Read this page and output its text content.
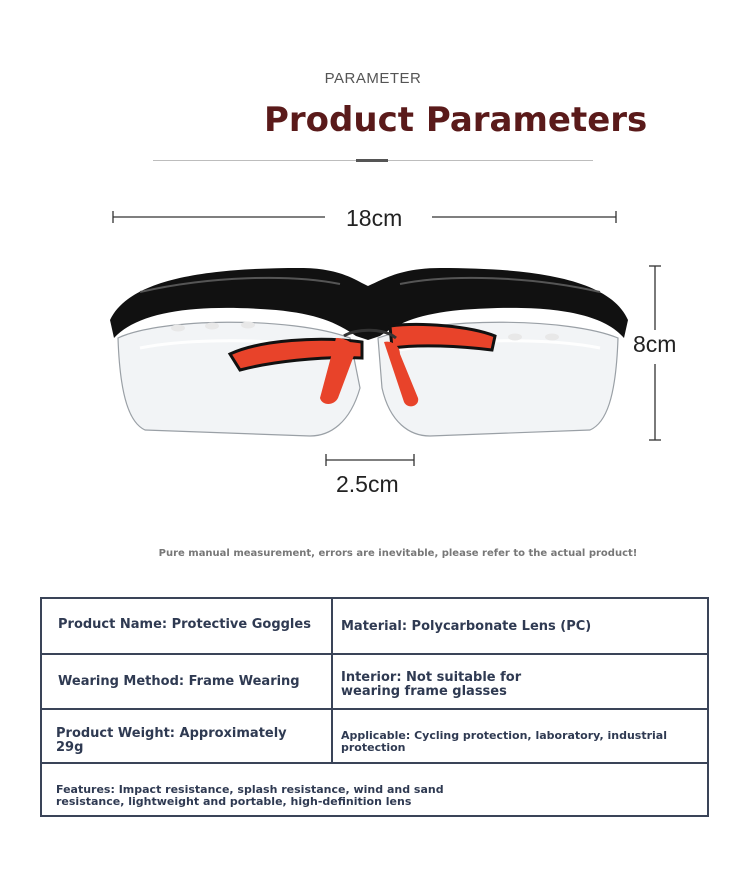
PARAMETER
Product Parameters
18cm
8cm
2.5cm
Pure manual measurement, errors are inevitable, please refer to the actual product!
Product Name: Protective Goggles Material: Polycarbonate Lens (PC)
Wearing Method: Frame Wearing	Interior: Not suitable for
wearing frame glasses
Product Weight: Approximately
29g
Applicable: Cycling protection, laboratory, industrial protection
Features: Impact resistance, splash resistance, wind and sand
resistance, lightweight and portable, high-definition lens
